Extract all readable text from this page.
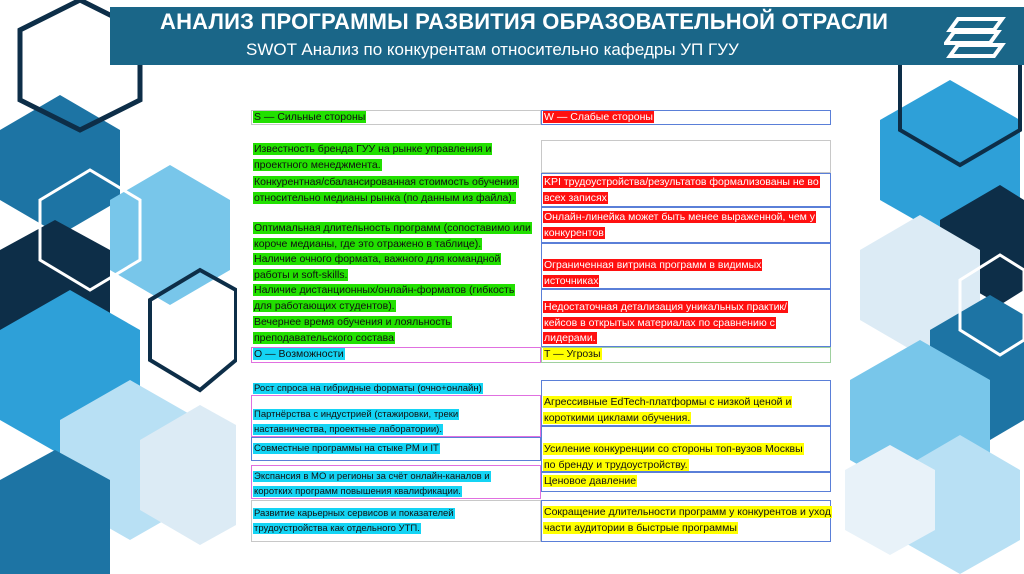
АНАЛИЗ ПРОГРАММЫ РАЗВИТИЯ ОБРАЗОВАТЕЛЬНОЙ ОТРАСЛИ
SWOT Анализ по конкурентам относительно кафедры УП ГУУ
S — Сильные стороны	W — Слабые стороны
Известность бренда ГУУ на рынке управления и проектного менеджмента.
Конкурентная/сбалансированная стоимость обучения относительно медианы рынка (по данным из файла).
Оптимальная длительность программ (сопоставимо или короче медианы, где это отражено в таблице).
Наличие очного формата, важного для командной работы и soft-skills.
Наличие дистанционных/онлайн-форматов (гибкость для работающих студентов).
Вечернее время обучения и лояльность преподавательского состава
KPI трудоустройства/результатов формализованы не во всех записях
Онлайн-линейка может быть менее выраженной, чем у конкурентов
Ограниченная витрина программ в видимых источниках
Недостаточная детализация уникальных практик/кейсов в открытых материалах по сравнению с лидерами.
O — Возможности	T — Угрозы
Рост спроса на гибридные форматы (очно+онлайн)
Партнёрства с индустрией (стажировки, треки наставничества, проектные лаборатории).
Совместные программы на стыке PM и IT
Экспансия в МО и регионы за счёт онлайн-каналов и коротких программ повышения квалификации.
Развитие карьерных сервисов и показателей трудоустройства как отдельного УТП.
Агрессивные EdTech-платформы с низкой ценой и короткими циклами обучения.
Усиление конкуренции со стороны топ-вузов Москвы по бренду и трудоустройству.
Ценовое давление
Сокращение длительности программ у конкурентов и уход части аудитории в быстрые программы
